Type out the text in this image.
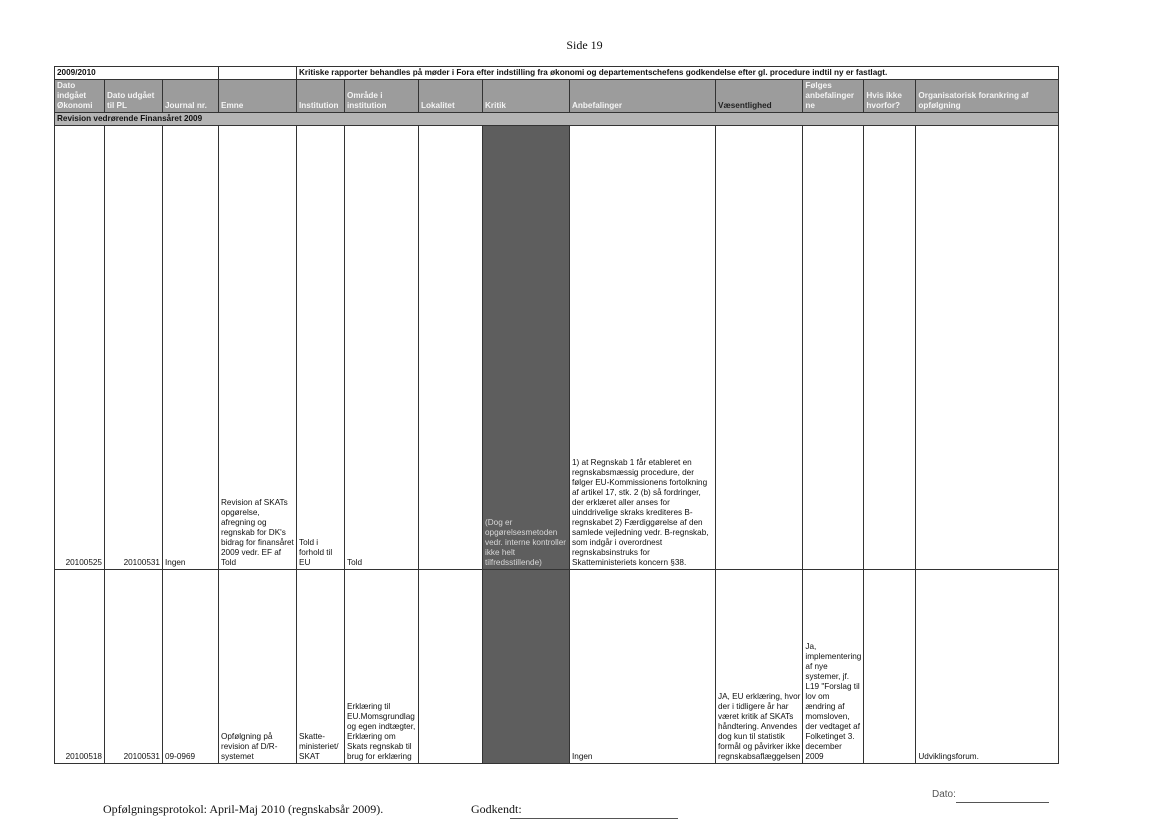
Side 19
2009/2010				Kritiske rapporter behandles på møder i Fora efter indstilling fra økonomi og departementschefens godkendelse efter gl. procedure indtil ny er fastlagt.								
Dato indgået Økonomi	Dato udgået til PL	Journal nr.	Emne	Institution	Område i institution	Lokalitet	Kritik	Anbefalinger	Væsentlighed	Følges anbefalinger ne	Hvis ikke hvorfor?	Organisatorisk forankring af opfølgning
Revision vedrørende Finansåret 2009												
20100525	20100531	Ingen	Revision af SKATs opgørelse, afregning og regnskab for DK's bidrag for finansåret 2009 vedr. EF af Told	Told i forhold til EU	Told		(Dog er opgørelsesmetoden vedr. interne kontroller ikke helt tilfredsstillende)	1) at Regnskab 1 får etableret en regnskabsmæssig procedure, der følger EU-Kommissionens fortolkning af artikel 17, stk. 2 (b) så fordringer, der erklæret aller anses for uinddrivelige skraks krediteres B-regnskabet 2) Færdiggørelse af den samlede vejledning vedr. B-regnskab, som indgår i overordnest regnskabsinstruks for Skatteministeriets koncern §38.				
20100518	20100531	09-0969	Opfølgning på revision af D/R-systemet	Skatte-ministeriet/ SKAT	Erklæring til EU.Momsgrundlag og egen indtægter, Erklæring om Skats regnskab til brug for erklæring			Ingen	JA, EU erklæring, hvor der i tidligere år har været kritik af SKATs håndtering. Anvendes dog kun til statistik formål og påvirker ikke regnskabsaflæggelsen	Ja, implementering af nye systemer, jf. L19 "Forslag til lov om ændring af momsloven, der vedtaget af Folketinget 3. december 2009		Udviklingsforum.
Opfølgningsprotokol: April-Maj 2010 (regnskabsår 2009).	Godkendt:
Dato:
